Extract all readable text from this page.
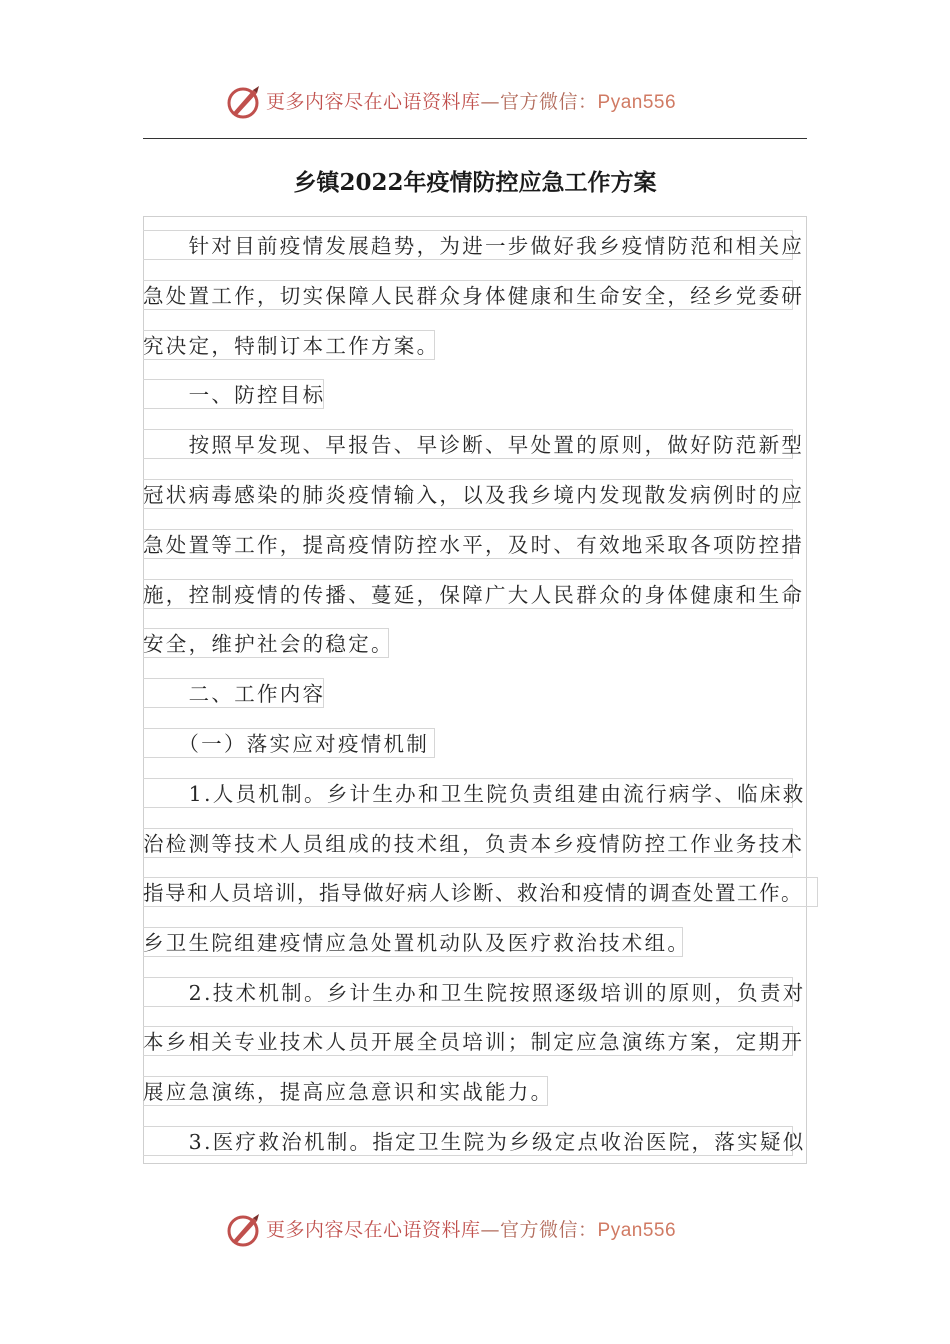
更多内容尽在心语资料库—官方微信：Pyan556
乡镇2022年疫情防控应急工作方案
　　针对目前疫情发展趋势，为进一步做好我乡疫情防范和相关应
急处置工作，切实保障人民群众身体健康和生命安全，经乡党委研
究决定，特制订本工作方案。
　　一、防控目标
　　按照早发现、早报告、早诊断、早处置的原则，做好防范新型
冠状病毒感染的肺炎疫情输入，以及我乡境内发现散发病例时的应
急处置等工作，提高疫情防控水平，及时、有效地采取各项防控措
施，控制疫情的传播、蔓延，保障广大人民群众的身体健康和生命
安全，维护社会的稳定。
　　二、工作内容
　　（一）落实应对疫情机制
　　1.人员机制。乡计生办和卫生院负责组建由流行病学、临床救
治检测等技术人员组成的技术组，负责本乡疫情防控工作业务技术
指导和人员培训，指导做好病人诊断、救治和疫情的调查处置工作。
乡卫生院组建疫情应急处置机动队及医疗救治技术组。
　　2.技术机制。乡计生办和卫生院按照逐级培训的原则，负责对
本乡相关专业技术人员开展全员培训；制定应急演练方案，定期开
展应急演练，提高应急意识和实战能力。
　　3.医疗救治机制。指定卫生院为乡级定点收治医院，落实疑似
更多内容尽在心语资料库—官方微信：Pyan556
